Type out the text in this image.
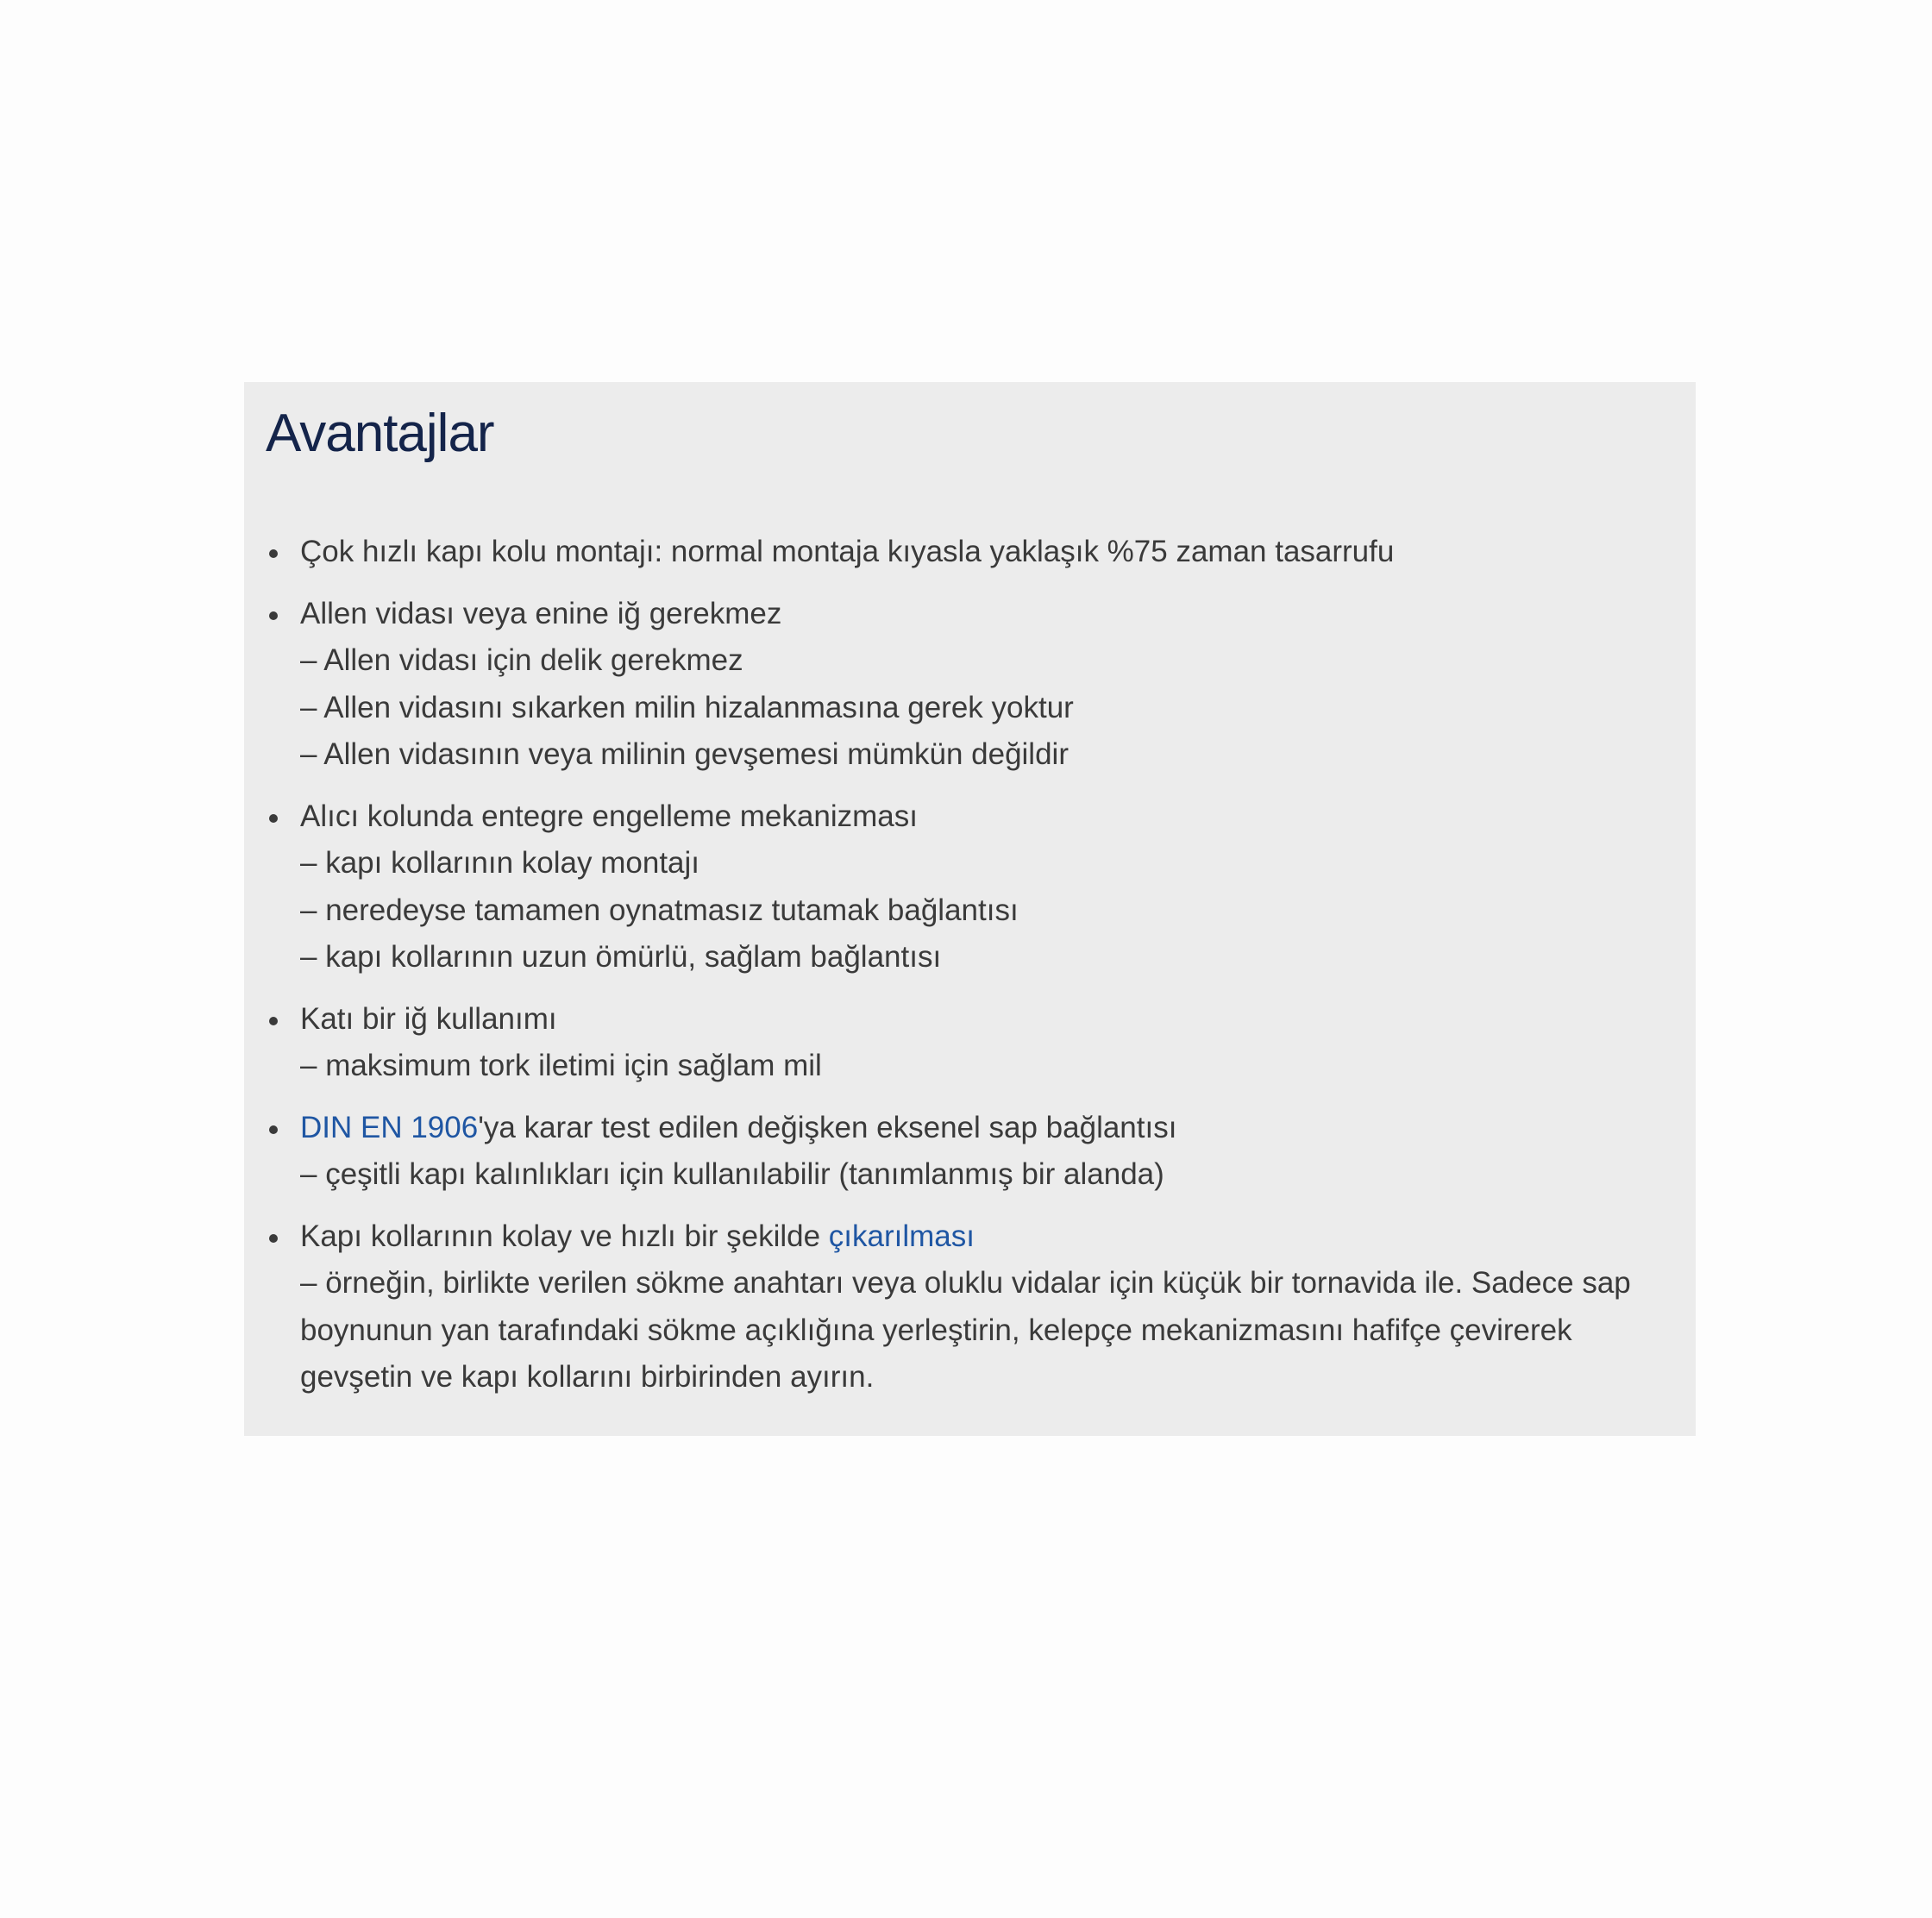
Avantajlar
Çok hızlı kapı kolu montajı: normal montaja kıyasla yaklaşık %75 zaman tasarrufu
Allen vidası veya enine iğ gerekmez
– Allen vidası için delik gerekmez
– Allen vidasını sıkarken milin hizalanmasına gerek yoktur
– Allen vidasının veya milinin gevşemesi mümkün değildir
Alıcı kolunda entegre engelleme mekanizması
– kapı kollarının kolay montajı
– neredeyse tamamen oynatmasız tutamak bağlantısı
– kapı kollarının uzun ömürlü, sağlam bağlantısı
Katı bir iğ kullanımı
– maksimum tork iletimi için sağlam mil
DIN EN 1906'ya karar test edilen değişken eksenel sap bağlantısı
– çeşitli kapı kalınlıkları için kullanılabilir (tanımlanmış bir alanda)
Kapı kollarının kolay ve hızlı bir şekilde çıkarılması
– örneğin, birlikte verilen sökme anahtarı veya oluklu vidalar için küçük bir tornavida ile. Sadece sap boynunun yan tarafındaki sökme açıklığına yerleştirin, kelepçe mekanizmasını hafifçe çevirerek gevşetin ve kapı kollarını birbirinden ayırın.
